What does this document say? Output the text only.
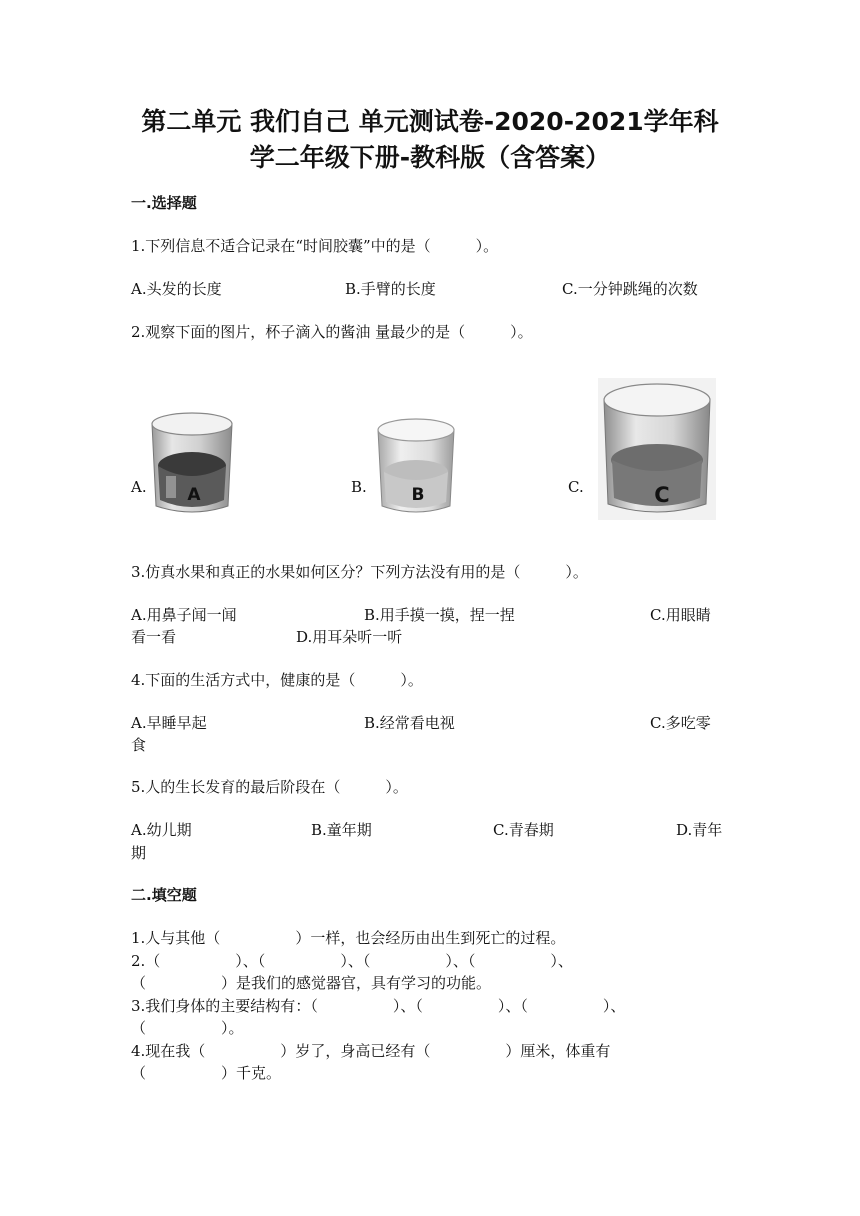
第二单元 我们自己 单元测试卷-2020-2021学年科
学二年级下册-教科版（含答案）
一.选择题
1.下列信息不适合记录在“时间胶囊”中的是（　　　）。
A.头发的长度	B.手臂的长度	C.一分钟跳绳的次数
2.观察下面的图片，杯子滴入的酱油 量最少的是（　　　）。
A.	B.	C.
A	B	C
3.仿真水果和真正的水果如何区分？下列方法没有用的是（　　　）。
A.用鼻子闻一闻	B.用手摸一摸，捏一捏	C.用眼睛
看一看	D.用耳朵听一听
4.下面的生活方式中，健康的是（　　　）。
A.早睡早起	B.经常看电视	C.多吃零
食
5.人的生长发育的最后阶段在（　　　）。
A.幼儿期	B.童年期	C.青春期	D.青年
期
二.填空题
1.人与其他（　　　　　）一样，也会经历由出生到死亡的过程。
2.（　　　　　）、（　　　　　）、（　　　　　）、（　　　　　）、
（　　　　　）是我们的感觉器官，具有学习的功能。
3.我们身体的主要结构有：（　　　　　）、（　　　　　）、（　　　　　）、
（　　　　　）。
4.现在我（　　　　　）岁了，身高已经有（　　　　　）厘米，体重有
（　　　　　）千克。
